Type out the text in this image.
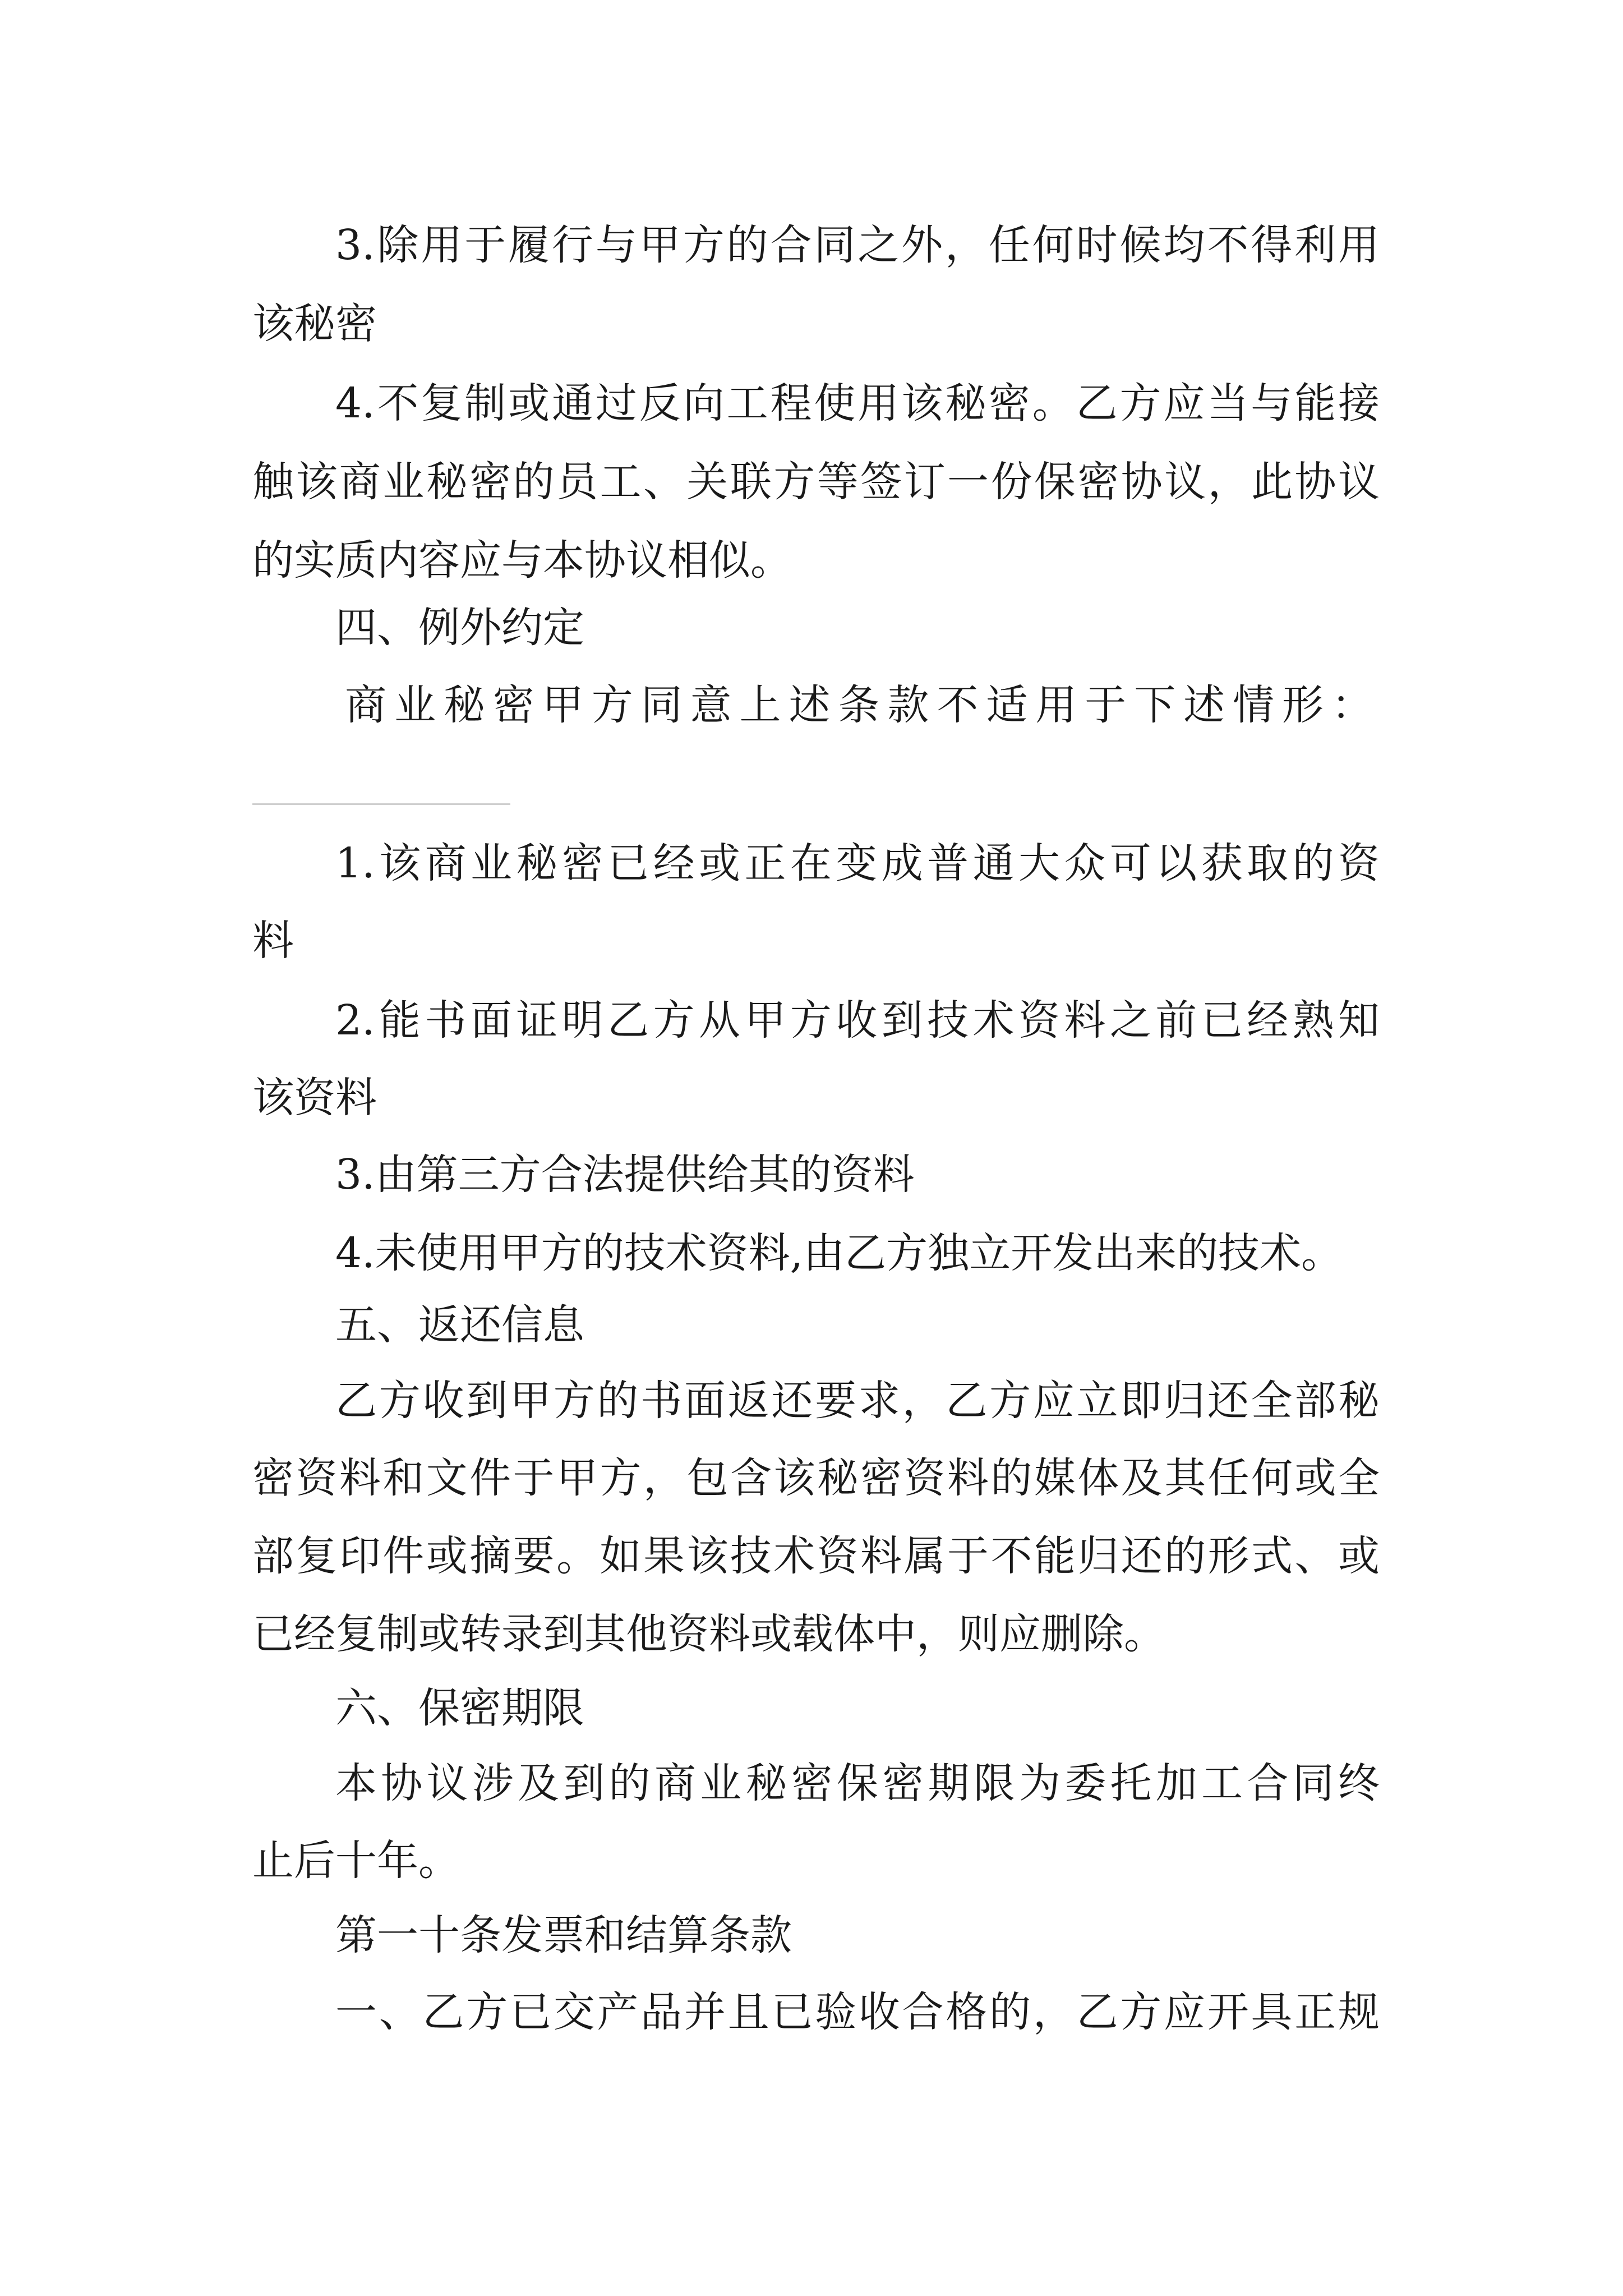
3.除用于履行与甲方的合同之外，任何时候均不得利用
该秘密
4.不复制或通过反向工程使用该秘密。乙方应当与能接
触该商业秘密的员工、关联方等签订一份保密协议，此协议
的实质内容应与本协议相似。
四、例外约定
商业秘密甲方同意上述条款不适用于下述情形：
1.该商业秘密已经或正在变成普通大众可以获取的资
料
2.能书面证明乙方从甲方收到技术资料之前已经熟知
该资料
3.由第三方合法提供给其的资料
4.未使用甲方的技术资料,由乙方独立开发出来的技术。
五、返还信息
乙方收到甲方的书面返还要求，乙方应立即归还全部秘
密资料和文件于甲方，包含该秘密资料的媒体及其任何或全
部复印件或摘要。如果该技术资料属于不能归还的形式、或
已经复制或转录到其他资料或载体中，则应删除。
六、保密期限
本协议涉及到的商业秘密保密期限为委托加工合同终
止后十年。
第一十条发票和结算条款
一、乙方已交产品并且已验收合格的，乙方应开具正规
